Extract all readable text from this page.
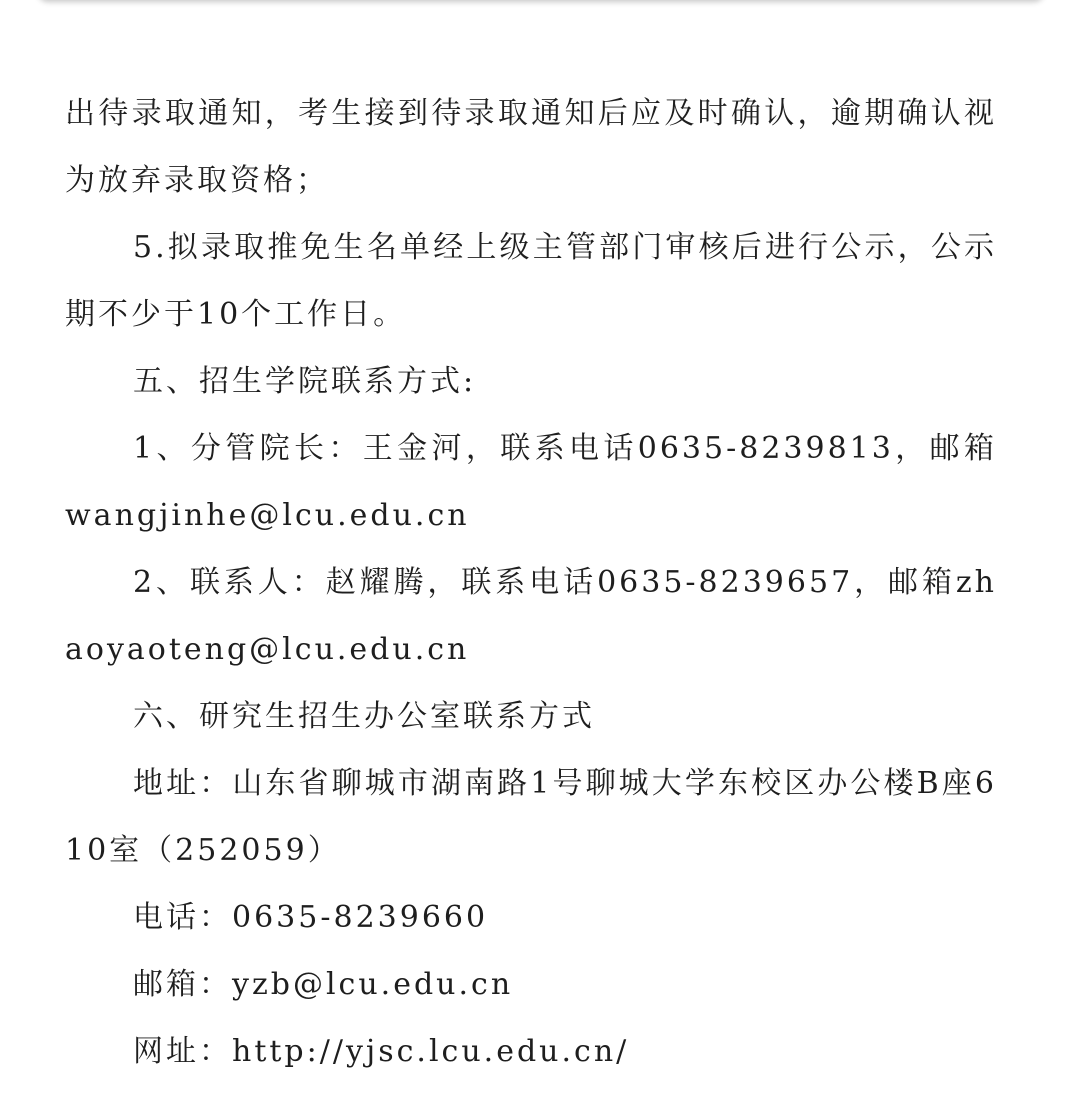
出待录取通知，考生接到待录取通知后应及时确认，逾期确认视为放弃录取资格；

5.拟录取推免生名单经上级主管部门审核后进行公示，公示期不少于10个工作日。

五、招生学院联系方式:

1、分管院长：王金河，联系电话0635-8239813，邮箱wangjinhe@lcu.edu.cn

2、联系人：赵耀腾，联系电话0635-8239657，邮箱zhaoyaoteng@lcu.edu.cn

六、研究生招生办公室联系方式

地址：山东省聊城市湖南路1号聊城大学东校区办公楼B座610室（252059）

电话：0635-8239660

邮箱：yzb@lcu.edu.cn

网址：http://yjsc.lcu.edu.cn/
